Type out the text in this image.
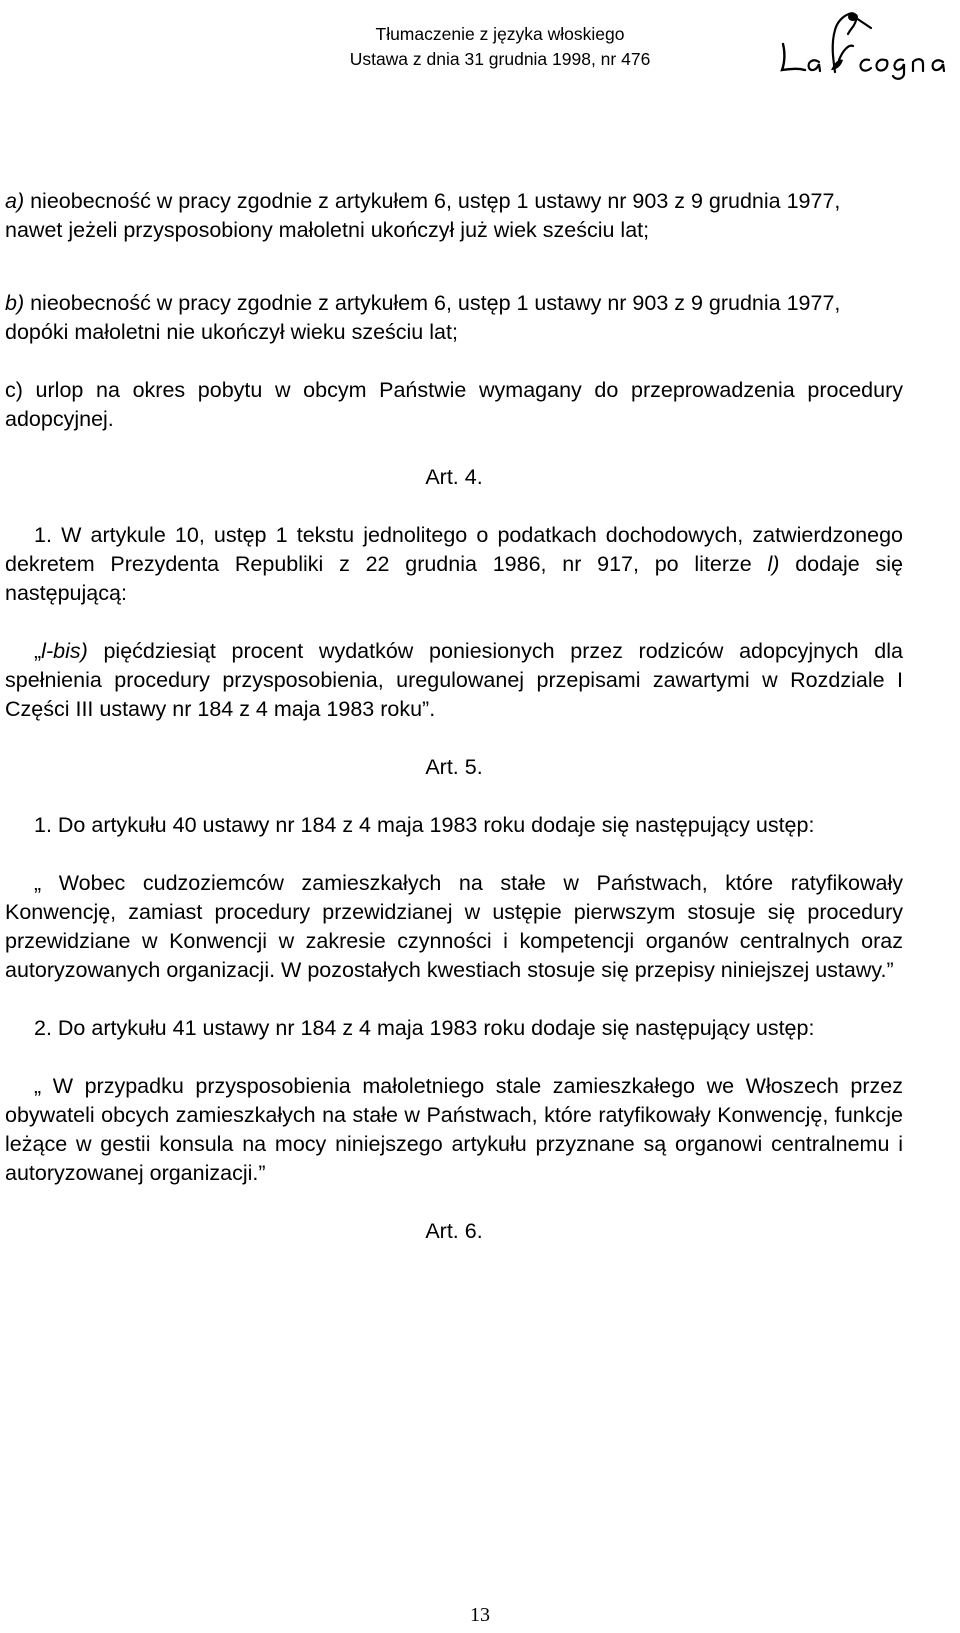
Tłumaczenie z języka włoskiego
Ustawa z dnia 31 grudnia 1998, nr 476

a) nieobecność w pracy zgodnie z artykułem 6, ustęp 1 ustawy nr 903 z 9 grudnia 1977, nawet jeżeli przysposobiony małoletni ukończył już wiek sześciu lat;

b) nieobecność w pracy zgodnie z artykułem 6, ustęp 1 ustawy nr 903 z 9 grudnia 1977, dopóki małoletni nie ukończył wieku sześciu lat;

c) urlop na okres pobytu w obcym Państwie wymagany do przeprowadzenia procedury adopcyjnej.

Art. 4.

1. W artykule 10, ustęp 1 tekstu jednolitego o podatkach dochodowych, zatwierdzonego dekretem Prezydenta Republiki z 22 grudnia 1986, nr 917, po literze l) dodaje się następującą:

„l-bis) pięćdziesiąt procent wydatków poniesionych przez rodziców adopcyjnych dla spełnienia procedury przysposobienia, uregulowanej przepisami zawartymi w Rozdziale I Części III ustawy nr 184 z 4 maja 1983 roku”.

Art. 5.

1. Do artykułu 40 ustawy nr 184 z 4 maja 1983 roku dodaje się następujący ustęp:

„ Wobec cudzoziemców zamieszkałych na stałe w Państwach, które ratyfikowały Konwencję, zamiast procedury przewidzianej w ustępie pierwszym stosuje się procedury przewidziane w Konwencji w zakresie czynności i kompetencji organów centralnych oraz autoryzowanych organizacji. W pozostałych kwestiach stosuje się przepisy niniejszej ustawy.”

2. Do artykułu 41 ustawy nr 184 z 4 maja 1983 roku dodaje się następujący ustęp:

„ W przypadku przysposobienia małoletniego stale zamieszkałego we Włoszech przez obywateli obcych zamieszkałych na stałe w Państwach, które ratyfikowały Konwencję, funkcje leżące w gestii konsula na mocy niniejszego artykułu przyznane są organowi centralnemu i autoryzowanej organizacji.”

Art. 6.

13
